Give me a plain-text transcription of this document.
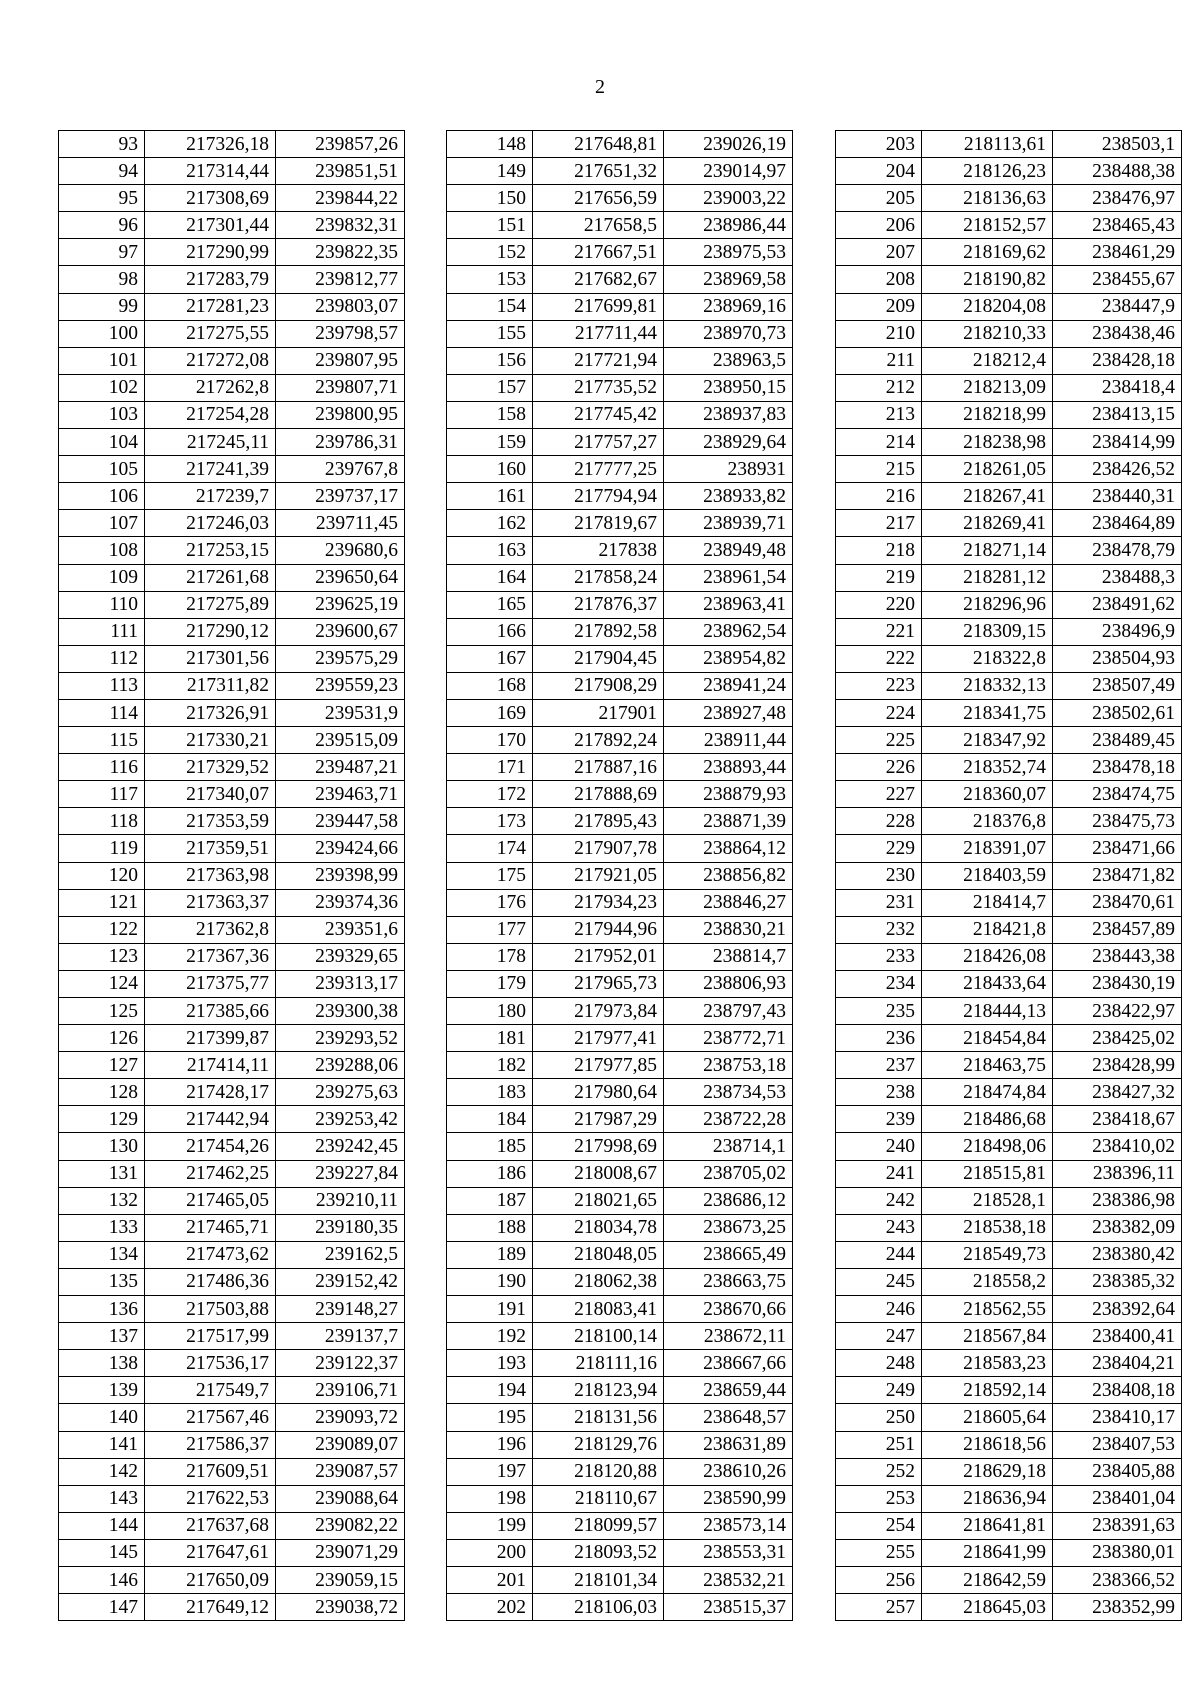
2
93	217326,18	239857,26
94	217314,44	239851,51
95	217308,69	239844,22
96	217301,44	239832,31
97	217290,99	239822,35
98	217283,79	239812,77
99	217281,23	239803,07
100	217275,55	239798,57
101	217272,08	239807,95
102	217262,8	239807,71
103	217254,28	239800,95
104	217245,11	239786,31
105	217241,39	239767,8
106	217239,7	239737,17
107	217246,03	239711,45
108	217253,15	239680,6
109	217261,68	239650,64
110	217275,89	239625,19
111	217290,12	239600,67
112	217301,56	239575,29
113	217311,82	239559,23
114	217326,91	239531,9
115	217330,21	239515,09
116	217329,52	239487,21
117	217340,07	239463,71
118	217353,59	239447,58
119	217359,51	239424,66
120	217363,98	239398,99
121	217363,37	239374,36
122	217362,8	239351,6
123	217367,36	239329,65
124	217375,77	239313,17
125	217385,66	239300,38
126	217399,87	239293,52
127	217414,11	239288,06
128	217428,17	239275,63
129	217442,94	239253,42
130	217454,26	239242,45
131	217462,25	239227,84
132	217465,05	239210,11
133	217465,71	239180,35
134	217473,62	239162,5
135	217486,36	239152,42
136	217503,88	239148,27
137	217517,99	239137,7
138	217536,17	239122,37
139	217549,7	239106,71
140	217567,46	239093,72
141	217586,37	239089,07
142	217609,51	239087,57
143	217622,53	239088,64
144	217637,68	239082,22
145	217647,61	239071,29
146	217650,09	239059,15
147	217649,12	239038,72
148	217648,81	239026,19
149	217651,32	239014,97
150	217656,59	239003,22
151	217658,5	238986,44
152	217667,51	238975,53
153	217682,67	238969,58
154	217699,81	238969,16
155	217711,44	238970,73
156	217721,94	238963,5
157	217735,52	238950,15
158	217745,42	238937,83
159	217757,27	238929,64
160	217777,25	238931
161	217794,94	238933,82
162	217819,67	238939,71
163	217838	238949,48
164	217858,24	238961,54
165	217876,37	238963,41
166	217892,58	238962,54
167	217904,45	238954,82
168	217908,29	238941,24
169	217901	238927,48
170	217892,24	238911,44
171	217887,16	238893,44
172	217888,69	238879,93
173	217895,43	238871,39
174	217907,78	238864,12
175	217921,05	238856,82
176	217934,23	238846,27
177	217944,96	238830,21
178	217952,01	238814,7
179	217965,73	238806,93
180	217973,84	238797,43
181	217977,41	238772,71
182	217977,85	238753,18
183	217980,64	238734,53
184	217987,29	238722,28
185	217998,69	238714,1
186	218008,67	238705,02
187	218021,65	238686,12
188	218034,78	238673,25
189	218048,05	238665,49
190	218062,38	238663,75
191	218083,41	238670,66
192	218100,14	238672,11
193	218111,16	238667,66
194	218123,94	238659,44
195	218131,56	238648,57
196	218129,76	238631,89
197	218120,88	238610,26
198	218110,67	238590,99
199	218099,57	238573,14
200	218093,52	238553,31
201	218101,34	238532,21
202	218106,03	238515,37
203	218113,61	238503,1
204	218126,23	238488,38
205	218136,63	238476,97
206	218152,57	238465,43
207	218169,62	238461,29
208	218190,82	238455,67
209	218204,08	238447,9
210	218210,33	238438,46
211	218212,4	238428,18
212	218213,09	238418,4
213	218218,99	238413,15
214	218238,98	238414,99
215	218261,05	238426,52
216	218267,41	238440,31
217	218269,41	238464,89
218	218271,14	238478,79
219	218281,12	238488,3
220	218296,96	238491,62
221	218309,15	238496,9
222	218322,8	238504,93
223	218332,13	238507,49
224	218341,75	238502,61
225	218347,92	238489,45
226	218352,74	238478,18
227	218360,07	238474,75
228	218376,8	238475,73
229	218391,07	238471,66
230	218403,59	238471,82
231	218414,7	238470,61
232	218421,8	238457,89
233	218426,08	238443,38
234	218433,64	238430,19
235	218444,13	238422,97
236	218454,84	238425,02
237	218463,75	238428,99
238	218474,84	238427,32
239	218486,68	238418,67
240	218498,06	238410,02
241	218515,81	238396,11
242	218528,1	238386,98
243	218538,18	238382,09
244	218549,73	238380,42
245	218558,2	238385,32
246	218562,55	238392,64
247	218567,84	238400,41
248	218583,23	238404,21
249	218592,14	238408,18
250	218605,64	238410,17
251	218618,56	238407,53
252	218629,18	238405,88
253	218636,94	238401,04
254	218641,81	238391,63
255	218641,99	238380,01
256	218642,59	238366,52
257	218645,03	238352,99
